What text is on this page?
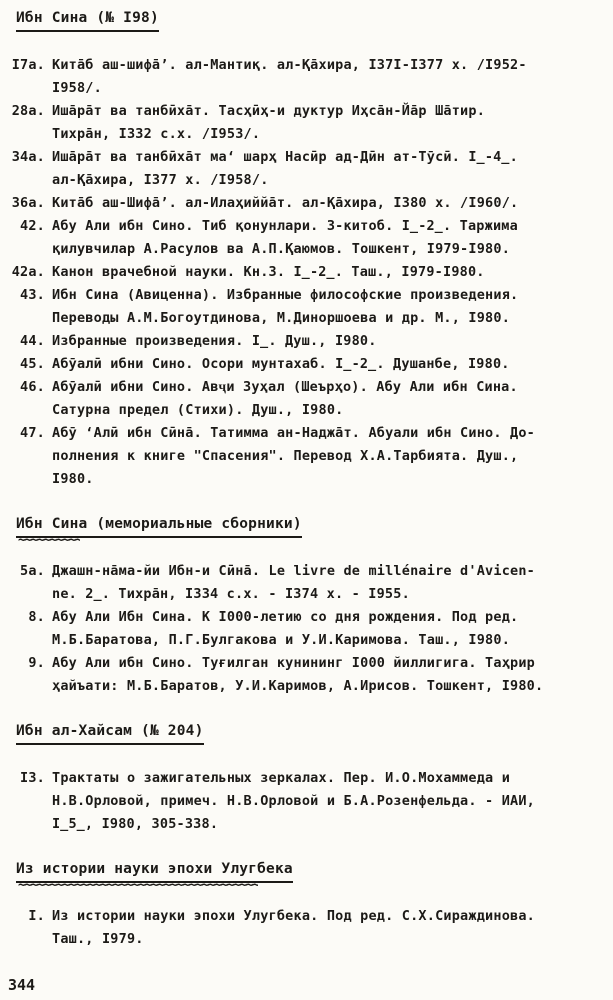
Ибн Сина (№ I98)
I7а. Китāб аш-шифā’. ал-Мантиқ. ал-Қāхира, I37I-I377 х. /I952-
I958/.
28а. Ишāрāт ва танбӣхāт. Тасҳӣҳ-и дуктур Иҳсāн-Йāр Шāтир.
Тихрāн, I332 с.х. /I953/.
34а. Ишāрāт ва танбӣхāт ма‘ шарҳ Насӣр ад-Дӣн ат-Тӯсӣ. I̲-4̲.
ал-Қāхира, I377 х. /I958/.
36а. Китāб аш-Шифā’. ал-Илаҳиййāт. ал-Қāхира, I380 х. /I960/.
42. Абу Али ибн Сино. Тиб қонунлари. 3-китоб. I̲-2̲. Таржима
қилувчилар А.Расулов ва А.П.Қаюмов. Тошкент, I979-I980.
42а. Канон врачебной науки. Кн.3. I̲-2̲. Таш., I979-I980.
43. Ибн Сина (Авиценна). Избранные философские произведения.
Переводы А.М.Богоутдинова, М.Диноршоева и др. М., I980.
44. Избранные произведения. I̲. Душ., I980.
45. Абӯалӣ ибни Сино. Осори мунтахаб. I̲-2̲. Душанбе, I980.
46. Абӯалӣ ибни Сино. Авҷи Зуҳал (Шеърҳо). Абу Али ибн Сина.
Сатурна предел (Стихи). Душ., I980.
47. Абӯ ‘Алӣ ибн Сӣнā. Татимма ан-Наджāт. Абуали ибн Сино. До-
полнения к книге "Спасения". Перевод Х.А.Тарбията. Душ.,
I980.
Ибн Сина (мемориальные сборники)
~~~~~
5а. Джашн-нāма-йи Ибн-и Сӣнā. Le livre de millénaire d'Avicen-
ne. 2̲. Тихрāн, I334 с.х. - I374 х. - I955.
8. Абу Али Ибн Сина. К I000-летию со дня рождения. Под ред.
М.Б.Баратова, П.Г.Булгакова и У.И.Каримова. Таш., I980.
9. Абу Али ибн Сино. Туғилган кунининг I000 йиллигига. Таҳрир
ҳайъати: М.Б.Баратов, У.И.Каримов, А.Ирисов. Тошкент, I980.
Ибн ал-Хайсам (№ 204)
I3. Трактаты о зажигательных зеркалах. Пер. И.О.Мохаммеда и
Н.В.Орловой, примеч. Н.В.Орловой и Б.А.Розенфельда. - ИАИ,
I̲5̲, I980, 305-338.
Из истории науки эпохи Улугбека
~~~~~
I. Из истории науки эпохи Улугбека. Под ред. С.Х.Сираждинова.
Таш., I979.
344
